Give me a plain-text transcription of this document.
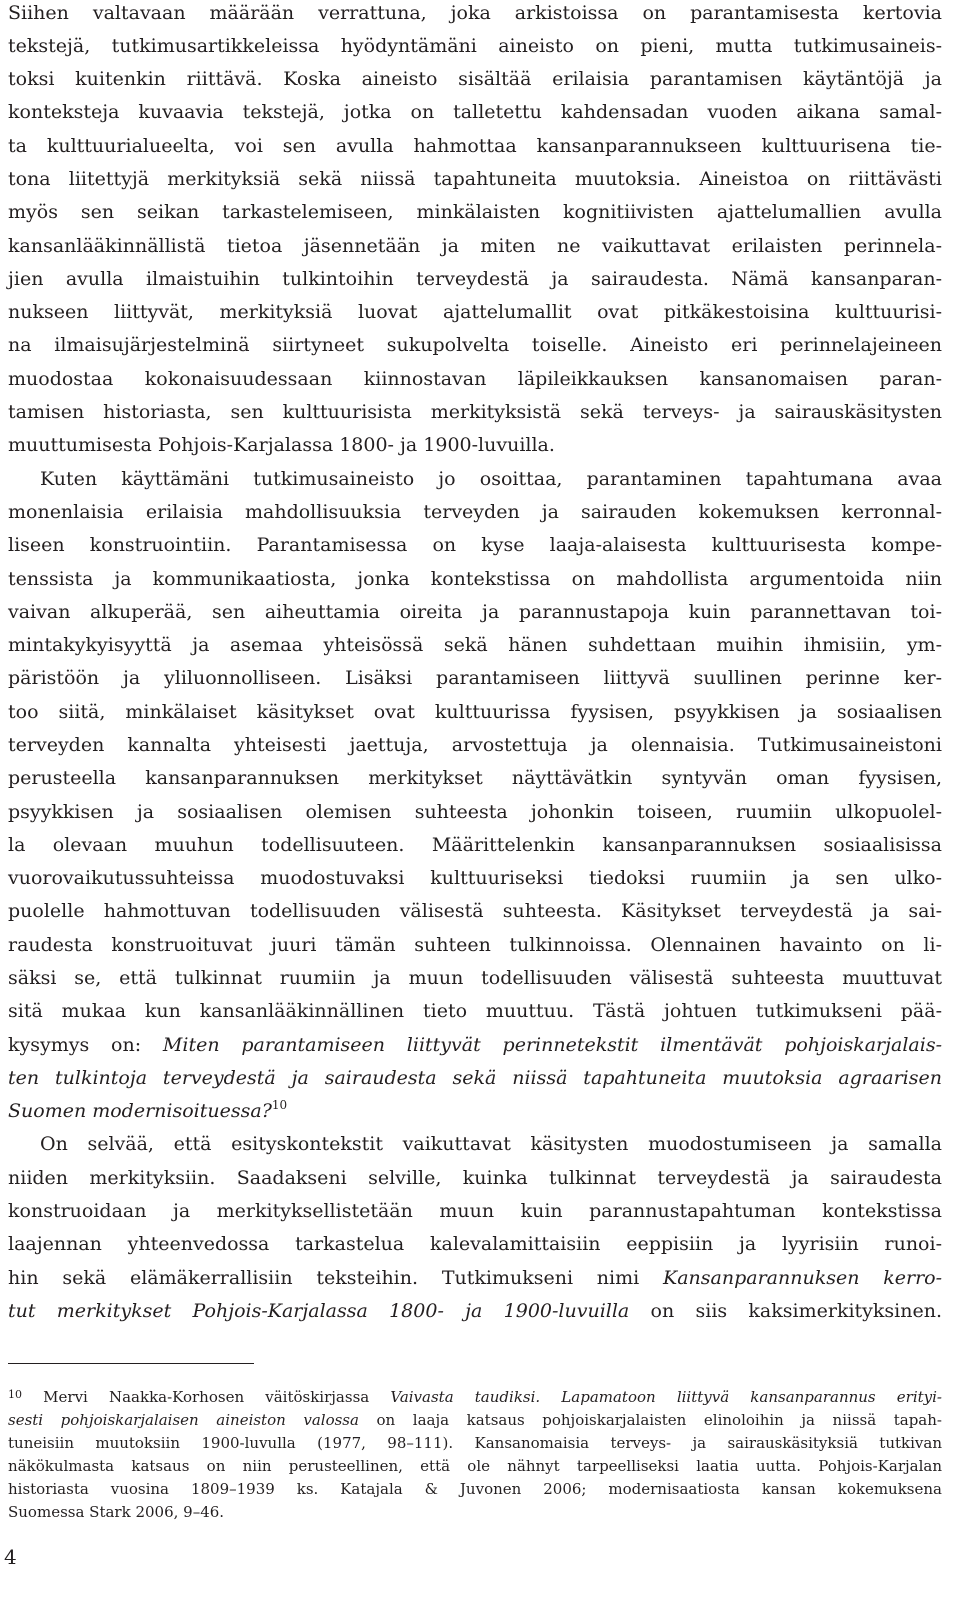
Siihen valtavaan määrään verrattuna, joka arkistoissa on parantamisesta kertovia
tekstejä, tutkimusartikkeleissa hyödyntämäni aineisto on pieni, mutta tutkimusainеis-
toksi kuitenkin riittävä. Koska aineisto sisältää erilaisia parantamisen käytäntöjä ja
konteksteja kuvaavia tekstejä, jotka on talletettu kahdensadan vuoden aikana samal-
ta kulttuurialueelta, voi sen avulla hahmottaa kansanparannukseen kulttuurisena tie-
tona liitettyjä merkityksiä sekä niissä tapahtuneita muutoksia. Aineistoa on riittävästi
myös sen seikan tarkastelemiseen, minkälaisten kognitiivisten ajattelumallien avulla
kansanlääkinnällistä tietoa jäsennetään ja miten ne vaikuttavat erilaisten perinnela-
jien avulla ilmaistuihin tulkintoihin terveydestä ja sairaudesta. Nämä kansanparan-
nukseen liittyvät, merkityksiä luovat ajattelumallit ovat pitkäkestoisina kulttuurisi-
na ilmaisujärjestelminä siirtyneet sukupolvelta toiselle. Aineisto eri perinnelajeineen
muodostaa kokonaisuudessaan kiinnostavan läpileikkauksen kansanomaisen paran-
tamisen historiasta, sen kulttuurisista merkityksistä sekä terveys- ja sairauskäsitysten
muuttumisesta Pohjois-Karjalassa 1800- ja 1900-luvuilla.
Kuten käyttämäni tutkimusaineisto jo osoittaa, parantaminen tapahtumana avaa
monenlaisia erilaisia mahdollisuuksia terveyden ja sairauden kokemuksen kerronnal-
liseen konstruointiin. Parantamisessa on kyse laaja-alaisesta kulttuurisesta kompe-
tenssista ja kommunikaatiosta, jonka kontekstissa on mahdollista argumentoida niin
vaivan alkuperää, sen aiheuttamia oireita ja parannustapoja kuin parannettavan toi-
mintakykyisyyttä ja asemaa yhteisössä sekä hänen suhdettaan muihin ihmisiin, ym-
päristöön ja yliluonnolliseen. Lisäksi parantamiseen liittyvä suullinen perinne ker-
too siitä, minkälaiset käsitykset ovat kulttuurissa fyysisen, psyykkisen ja sosiaalisen
terveyden kannalta yhteisesti jaettuja, arvostettuja ja olennaisia. Tutkimusaineistoni
perusteella kansanparannuksen merkitykset näyttävätkin syntyvän oman fyysisen,
psyykkisen ja sosiaalisen olemisen suhteesta johonkin toiseen, ruumiin ulkopuolel-
la olevaan muuhun todellisuuteen. Määrittelenkin kansanparannuksen sosiaalisissa
vuorovaikutussuhteissa muodostuvaksi kulttuuriseksi tiedoksi ruumiin ja sen ulko-
puolelle hahmottuvan todellisuuden välisestä suhteesta. Käsitykset terveydestä ja sai-
raudesta konstruoituvat juuri tämän suhteen tulkinnoissa. Olennainen havainto on li-
säksi se, että tulkinnat ruumiin ja muun todellisuuden välisestä suhteesta muuttuvat
sitä mukaa kun kansanlääkinnällinen tieto muuttuu. Tästä johtuen tutkimukseni pää-
kysymys on: Miten parantamiseen liittyvät perinnetekstit ilmentävät pohjoiskarjalais-
ten tulkintoja terveydestä ja sairaudesta sekä niissä tapahtuneita muutoksia agraarisen
Suomen modernisoituessa?$^{10}$
On selvää, että esityskontekstit vaikuttavat käsitysten muodostumiseen ja samalla
niiden merkityksiin. Saadakseni selville, kuinka tulkinnat terveydestä ja sairaudesta
konstruoidaan ja merkityksellistetään muun kuin parannustapahtuman kontekstissa
laajennan yhteenvedossa tarkastelua kalevalamittaisiin eeppisiin ja lyyrisiin runoi-
hin sekä elämäkerrallisiin teksteihin. Tutkimukseni nimi Kansanparannuksen kerro-
tut merkitykset Pohjois-Karjalassa 1800- ja 1900-luvuilla on siis kaksimerkityksinen.
$^{10}$ Mervi Naakka-Korhosen väitöskirjassa Vaivasta taudiksi. Lapamatoon liittyvä kansanparannus erityi-
sesti pohjoiskarjalaisen aineiston valossa on laaja katsaus pohjoiskarjalaisten elinoloihin ja niissä tapah-
tuneisiin muutoksiin 1900-luvulla (1977, 98–111). Kansanomaisia terveys- ja sairauskäsityksiä tutkivan
näkökulmasta katsaus on niin perusteellinen, että ole nähnyt tarpeelliseksi laatia uutta. Pohjois-Karjalan
historiasta vuosina 1809–1939 ks. Katajala & Juvonen 2006; modernisaatiosta kansan kokemuksena
Suomessa Stark 2006, 9–46.
4
